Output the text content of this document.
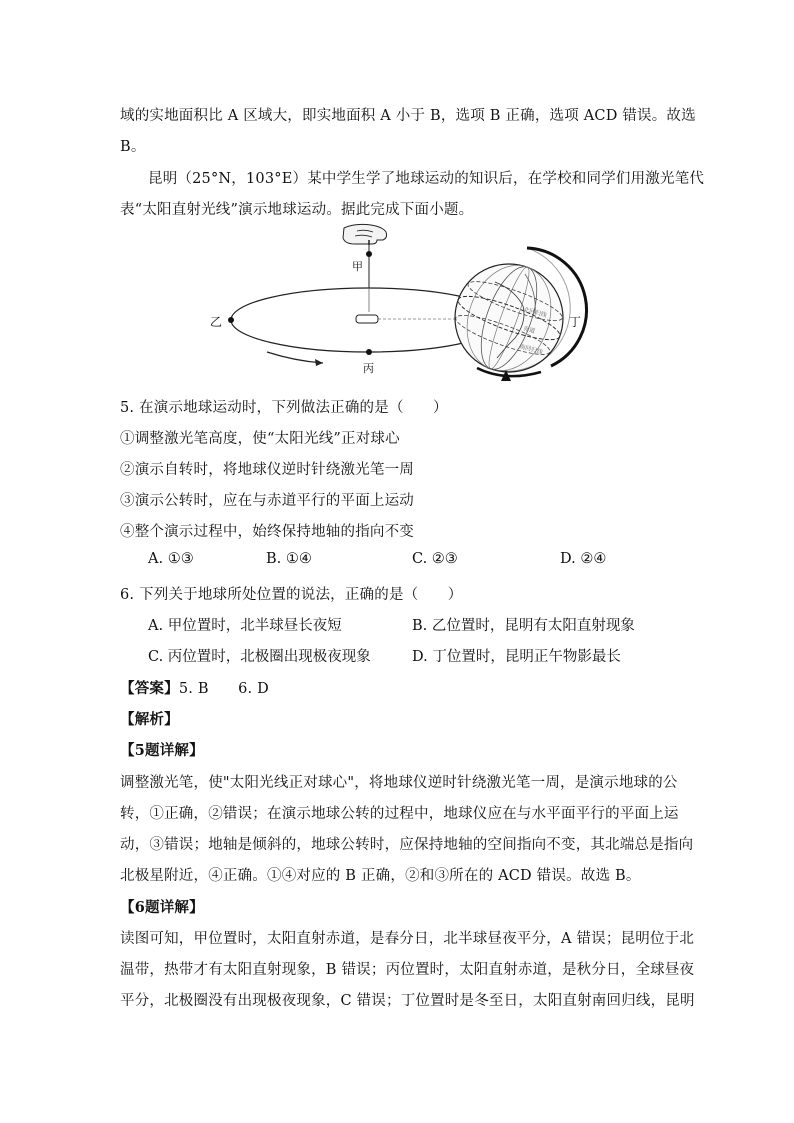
域的实地面积比 A 区域大，即实地面积 A 小于 B，选项 B 正确，选项 ACD 错误。故选
B。
昆明（25°N，103°E）某中学生学了地球运动的知识后，在学校和同学们用激光笔代
表“太阳直射光线”演示地球运动。据此完成下面小题。
甲
乙
丙
北回归线
赤道
南回归线
丁
5. 在演示地球运动时，下列做法正确的是（　　）
①调整激光笔高度，使“太阳光线”正对球心
②演示自转时，将地球仪逆时针绕激光笔一周
③演示公转时，应在与赤道平行的平面上运动
④整个演示过程中，始终保持地轴的指向不变
A. ①③	B. ①④	C. ②③	D. ②④
6. 下列关于地球所处位置的说法，正确的是（　　）
A. 甲位置时，北半球昼长夜短	B. 乙位置时，昆明有太阳直射现象
C. 丙位置时，北极圈出现极夜现象	D. 丁位置时，昆明正午物影最长
【答案】5. B　　6. D
【解析】
【5题详解】
调整激光笔，使"太阳光线正对球心"，将地球仪逆时针绕激光笔一周，是演示地球的公
转，①正确，②错误；在演示地球公转的过程中，地球仪应在与水平面平行的平面上运
动，③错误；地轴是倾斜的，地球公转时，应保持地轴的空间指向不变，其北端总是指向
北极星附近，④正确。①④对应的 B 正确，②和③所在的 ACD 错误。故选 B。
【6题详解】
读图可知，甲位置时，太阳直射赤道，是春分日，北半球昼夜平分，A 错误；昆明位于北
温带，热带才有太阳直射现象，B 错误；丙位置时，太阳直射赤道，是秋分日，全球昼夜
平分，北极圈没有出现极夜现象，C 错误；丁位置时是冬至日，太阳直射南回归线，昆明
